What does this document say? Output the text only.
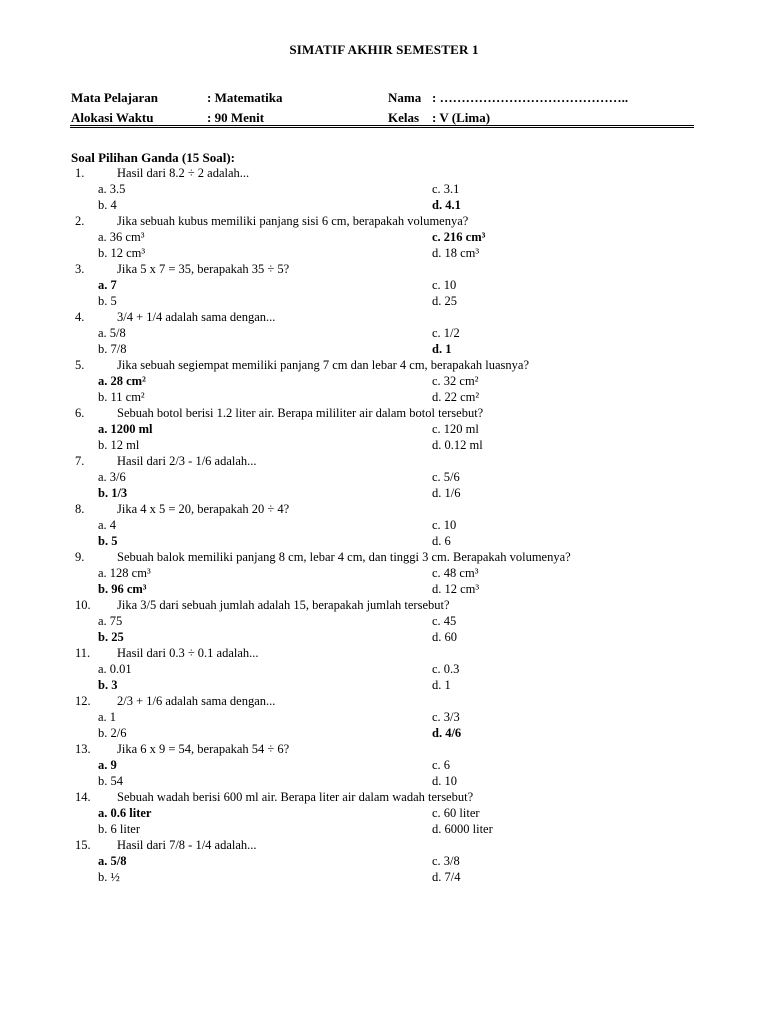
SIMATIF AKHIR SEMESTER 1
Mata Pelajaran	: Matematika	Nama : ……………………………………..
Alokasi Waktu	: 90 Menit	Kelas : V (Lima)
Soal Pilihan Ganda (15 Soal):
1.	Hasil dari 8.2 ÷ 2 adalah...
a. 3.5	c. 3.1
b. 4	d. 4.1
2.	Jika sebuah kubus memiliki panjang sisi 6 cm, berapakah volumenya?
a. 36 cm³	c. 216 cm³
b. 12 cm³	d. 18 cm³
3.	Jika 5 x 7 = 35, berapakah 35 ÷ 5?
a. 7	c. 10
b. 5	d. 25
4.	3/4 + 1/4 adalah sama dengan...
a. 5/8	c. 1/2
b. 7/8	d. 1
5.	Jika sebuah segiempat memiliki panjang 7 cm dan lebar 4 cm, berapakah luasnya?
a. 28 cm²	c. 32 cm²
b. 11 cm²	d. 22 cm²
6.	Sebuah botol berisi 1.2 liter air. Berapa mililiter air dalam botol tersebut?
a. 1200 ml	c. 120 ml
b. 12 ml	d. 0.12 ml
7.	Hasil dari 2/3 - 1/6 adalah...
a. 3/6	c. 5/6
b. 1/3	d. 1/6
8.	Jika 4 x 5 = 20, berapakah 20 ÷ 4?
a. 4	c. 10
b. 5	d. 6
9.	Sebuah balok memiliki panjang 8 cm, lebar 4 cm, dan tinggi 3 cm. Berapakah volumenya?
a. 128 cm³	c. 48 cm³
b. 96 cm³	d. 12 cm³
10. Jika 3/5 dari sebuah jumlah adalah 15, berapakah jumlah tersebut?
a. 75	c. 45
b. 25	d. 60
11. Hasil dari 0.3 ÷ 0.1 adalah...
a. 0.01	c. 0.3
b. 3	d. 1
12. 2/3 + 1/6 adalah sama dengan...
a. 1	c. 3/3
b. 2/6	d. 4/6
13. Jika 6 x 9 = 54, berapakah 54 ÷ 6?
a. 9	c. 6
b. 54	d. 10
14. Sebuah wadah berisi 600 ml air. Berapa liter air dalam wadah tersebut?
a. 0.6 liter	c. 60 liter
b. 6 liter	d. 6000 liter
15. Hasil dari 7/8 - 1/4 adalah...
a. 5/8	c. 3/8
b. ½	d. 7/4
